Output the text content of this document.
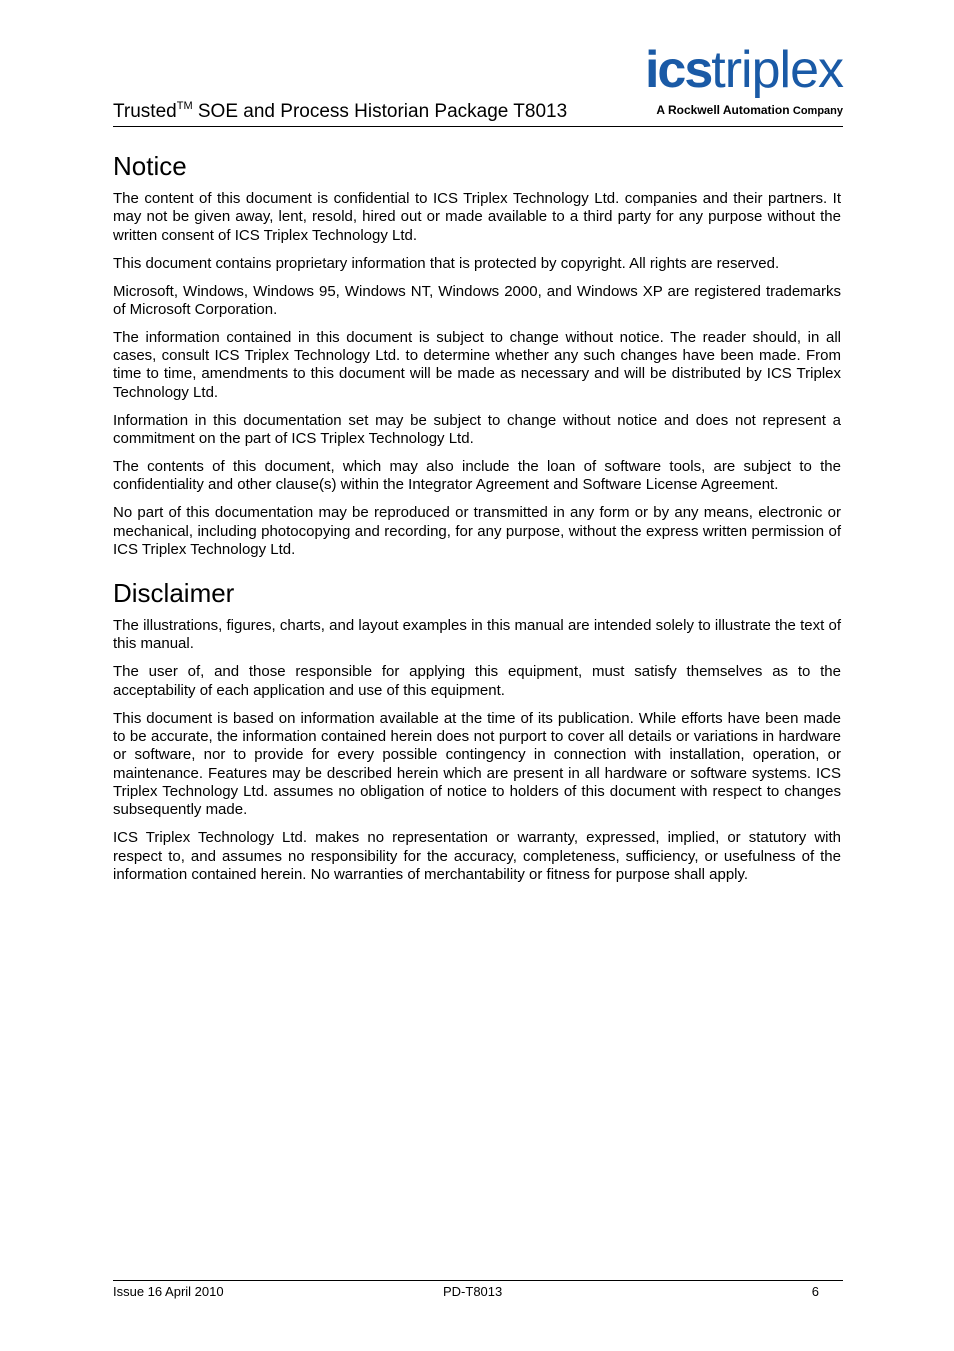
Trusted™ SOE and Process Historian Package T8013
icstriplex
A Rockwell Automation Company
Notice

The content of this document is confidential to ICS Triplex Technology Ltd. companies and their partners. It may not be given away, lent, resold, hired out or made available to a third party for any purpose without the written consent of ICS Triplex Technology Ltd.

This document contains proprietary information that is protected by copyright. All rights are reserved.

Microsoft, Windows, Windows 95, Windows NT, Windows 2000, and Windows XP are registered trademarks of Microsoft Corporation.

The information contained in this document is subject to change without notice. The reader should, in all cases, consult ICS Triplex Technology Ltd. to determine whether any such changes have been made. From time to time, amendments to this document will be made as necessary and will be distributed by ICS Triplex Technology Ltd.

Information in this documentation set may be subject to change without notice and does not represent a commitment on the part of ICS Triplex Technology Ltd.

The contents of this document, which may also include the loan of software tools, are subject to the confidentiality and other clause(s) within the Integrator Agreement and Software License Agreement.

No part of this documentation may be reproduced or transmitted in any form or by any means, electronic or mechanical, including photocopying and recording, for any purpose, without the express written permission of ICS Triplex Technology Ltd.

Disclaimer

The illustrations, figures, charts, and layout examples in this manual are intended solely to illustrate the text of this manual.

The user of, and those responsible for applying this equipment, must satisfy themselves as to the acceptability of each application and use of this equipment.

This document is based on information available at the time of its publication. While efforts have been made to be accurate, the information contained herein does not purport to cover all details or variations in hardware or software, nor to provide for every possible contingency in connection with installation, operation, or maintenance. Features may be described herein which are present in all hardware or software systems. ICS Triplex Technology Ltd. assumes no obligation of notice to holders of this document with respect to changes subsequently made.

ICS Triplex Technology Ltd. makes no representation or warranty, expressed, implied, or statutory with respect to, and assumes no responsibility for the accuracy, completeness, sufficiency, or usefulness of the information contained herein. No warranties of merchantability or fitness for purpose shall apply.

Issue 16 April 2010	PD-T8013	6
